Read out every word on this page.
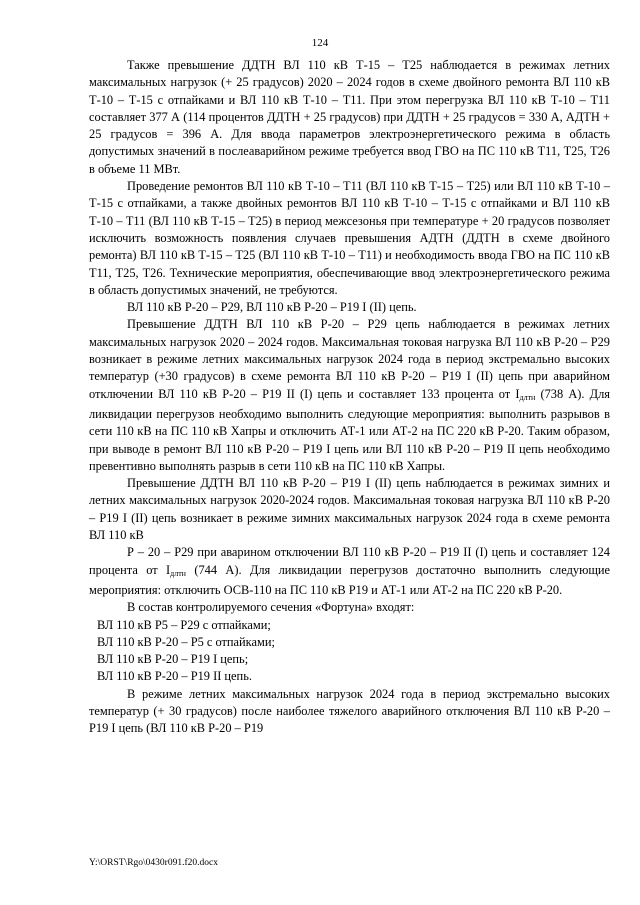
124

Также превышение ДДТН ВЛ 110 кВ Т-15 – Т25 наблюдается в режимах летних максимальных нагрузок (+ 25 градусов) 2020 – 2024 годов в схеме двойного ремонта ВЛ 110 кВ Т-10 – Т-15 с отпайками и ВЛ 110 кВ Т-10 – Т11. При этом перегрузка ВЛ 110 кВ Т-10 – Т11 составляет 377 А (114 процентов ДДТН + 25 градусов) при ДДТН + 25 градусов = 330 А, АДТН + 25 градусов = 396 А. Для ввода параметров электроэнергетического режима в область допустимых значений в послеаварийном режиме требуется ввод ГВО на ПС 110 кВ Т11, Т25, Т26 в объеме 11 МВт.

Проведение ремонтов ВЛ 110 кВ Т-10 – Т11 (ВЛ 110 кВ Т-15 – Т25) или ВЛ 110 кВ Т-10 – Т-15 с отпайками, а также двойных ремонтов ВЛ 110 кВ Т-10 – Т-15 с отпайками и ВЛ 110 кВ Т-10 – Т11 (ВЛ 110 кВ Т-15 – Т25) в период межсезонья при температуре + 20 градусов позволяет исключить возможность появления случаев превышения АДТН (ДДТН в схеме двойного ремонта) ВЛ 110 кВ Т-15 – Т25 (ВЛ 110 кВ Т-10 – Т11) и необходимость ввода ГВО на ПС 110 кВ Т11, Т25, Т26. Технические мероприятия, обеспечивающие ввод электроэнергетического режима в область допустимых значений, не требуются.

ВЛ 110 кВ Р-20 – Р29, ВЛ 110 кВ Р-20 – Р19 I (II) цепь.

Превышение ДДТН ВЛ 110 кВ Р-20 – Р29 цепь наблюдается в режимах летних максимальных нагрузок 2020 – 2024 годов. Максимальная токовая нагрузка ВЛ 110 кВ Р-20 – Р29 возникает в режиме летних максимальных нагрузок 2024 года в период экстремально высоких температур (+30 градусов) в схеме ремонта ВЛ 110 кВ Р-20 – Р19 I (II) цепь при аварийном отключении ВЛ 110 кВ Р-20 – Р19 II (I) цепь и составляет 133 процента от $I_{длтн}$ (738 А). Для ликвидации перегрузов необходимо выполнить следующие мероприятия: выполнить разрывов в сети 110 кВ на ПС 110 кВ Хапры и отключить АТ-1 или АТ-2 на ПС 220 кВ Р-20. Таким образом, при выводе в ремонт ВЛ 110 кВ Р-20 – Р19 I цепь или ВЛ 110 кВ Р-20 – Р19 II цепь необходимо превентивно выполнять разрыв в сети 110 кВ на ПС 110 кВ Хапры.

Превышение ДДТН ВЛ 110 кВ Р-20 – Р19 I (II) цепь наблюдается в режимах зимних и летних максимальных нагрузок 2020-2024 годов. Максимальная токовая нагрузка ВЛ 110 кВ Р-20 – Р19 I (II) цепь возникает в режиме зимних максимальных нагрузок 2024 года в схеме ремонта ВЛ 110 кВ

Р – 20 – Р29 при аварином отключении ВЛ 110 кВ Р-20 – Р19 II (I) цепь и составляет 124 процента от $I_{длтн}$ (744 А). Для ликвидации перегрузов достаточно выполнить следующие мероприятия: отключить ОСВ-110 на ПС 110 кВ Р19 и АТ-1 или АТ-2 на ПС 220 кВ Р-20.

В состав контролируемого сечения «Фортуна» входят:

ВЛ 110 кВ Р5 – Р29 с отпайками;

ВЛ 110 кВ Р-20 – Р5 с отпайками;

ВЛ 110 кВ Р-20 – Р19 I цепь;

ВЛ 110 кВ Р-20 – Р19 II цепь.

В режиме летних максимальных нагрузок 2024 года в период экстремально высоких температур (+ 30 градусов) после наиболее тяжелого аварийного отключения ВЛ 110 кВ Р-20 – Р19 I цепь (ВЛ 110 кВ Р-20 – Р19

Y:\ORST\Rgo\0430r091.f20.docx
